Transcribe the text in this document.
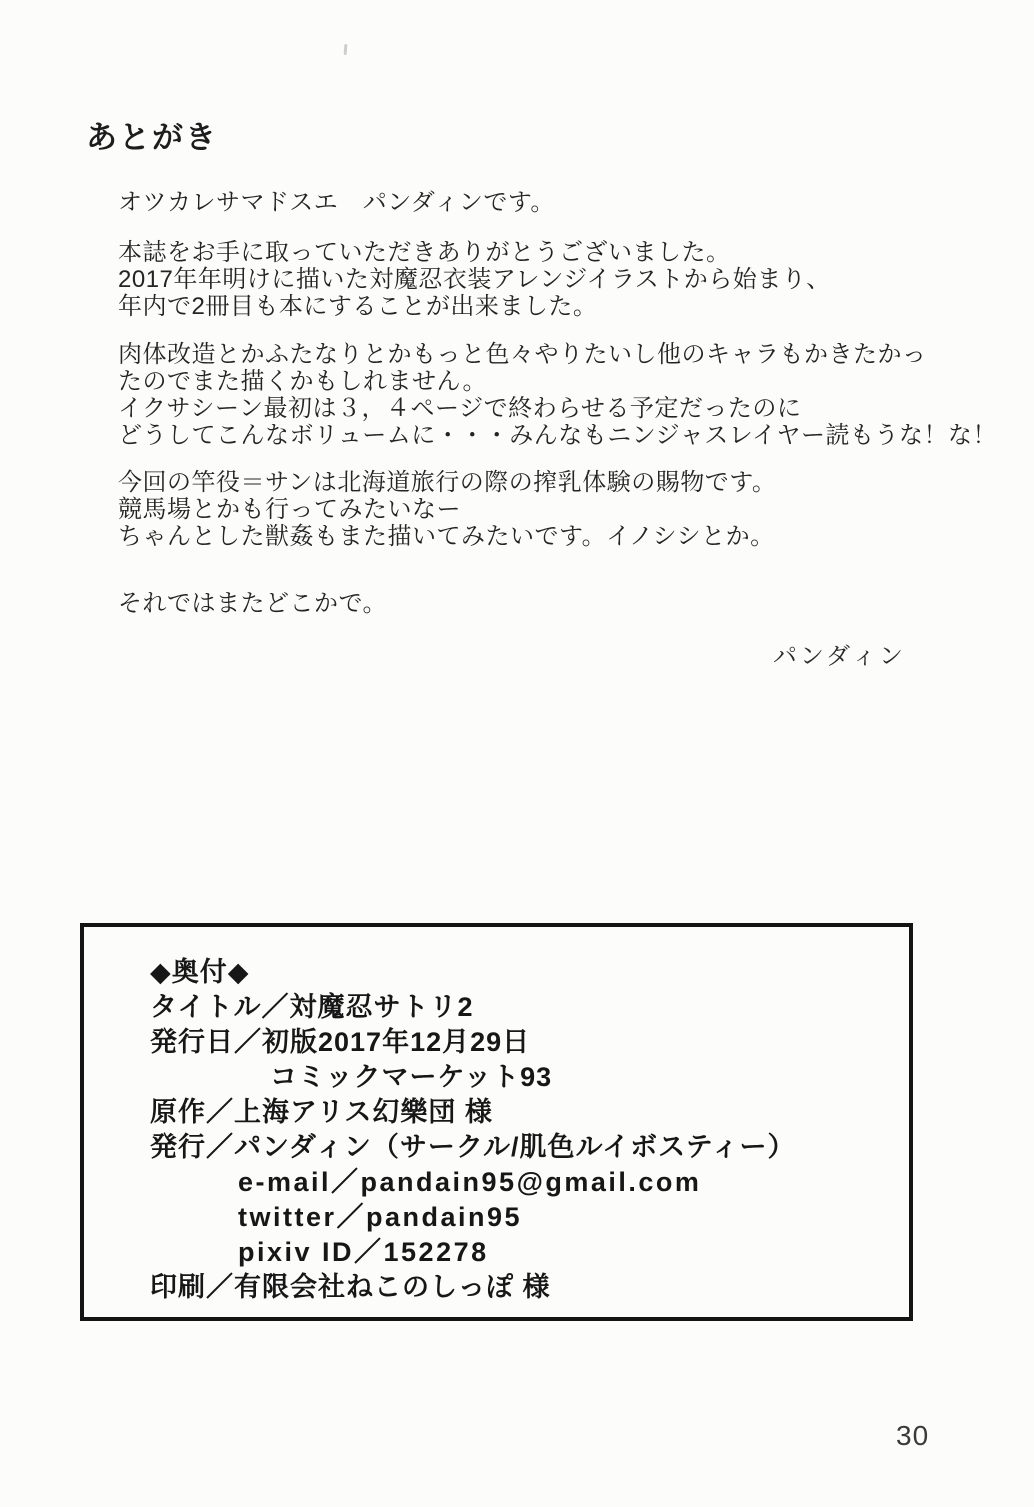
あとがき
オツカレサマドスエ　パンダィンです。
本誌をお手に取っていただきありがとうございました。
2017年年明けに描いた対魔忍衣装アレンジイラストから始まり、
年内で2冊目も本にすることが出来ました。
肉体改造とかふたなりとかもっと色々やりたいし他のキャラもかきたかっ
たのでまた描くかもしれません。
イクサシーン最初は３，４ページで終わらせる予定だったのに
どうしてこんなボリュームに・・・みんなもニンジャスレイヤー読もうな！な！
今回の竿役＝サンは北海道旅行の際の搾乳体験の賜物です。
競馬場とかも行ってみたいなー
ちゃんとした獣姦もまた描いてみたいです。イノシシとか。
それではまたどこかで。
パンダィン
◆奥付◆
タイトル／対魔忍サトリ2
発行日／初版2017年12月29日
コミックマーケット93
原作／上海アリス幻樂団 様
発行／パンダィン（サークル/肌色ルイボスティー）
e-mail／pandain95@gmail.com
twitter／pandain95
pixiv ID／152278
印刷／有限会社ねこのしっぽ 様
30
